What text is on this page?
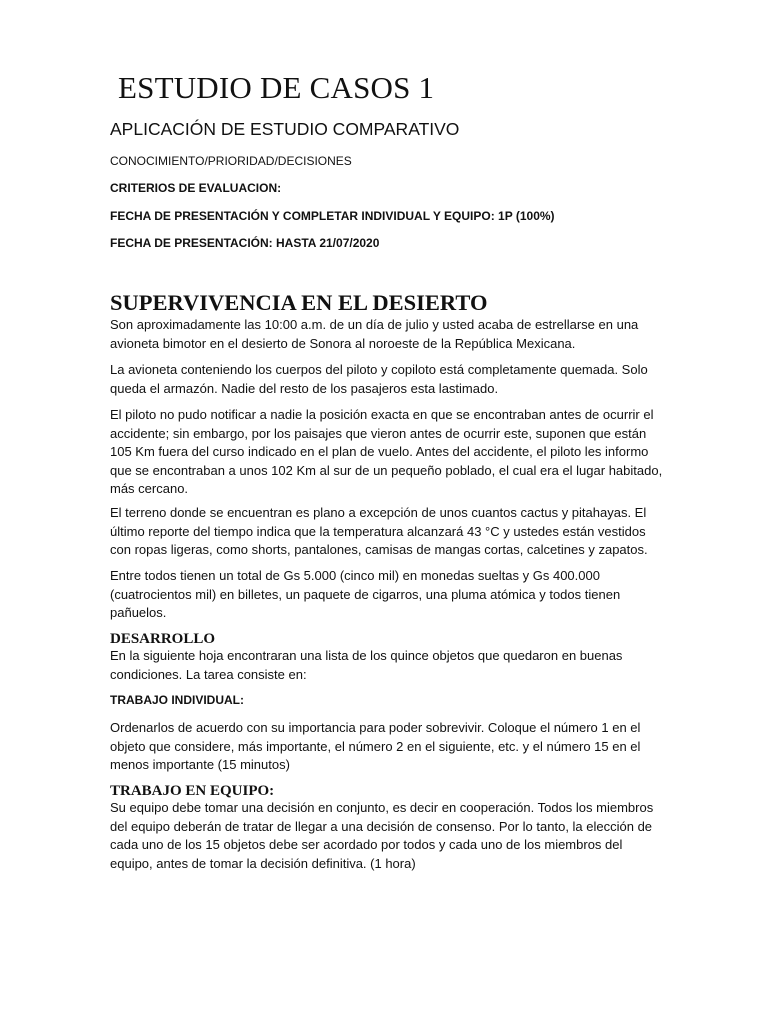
ESTUDIO DE CASOS 1
APLICACIÓN DE ESTUDIO COMPARATIVO

CONOCIMIENTO/PRIORIDAD/DECISIONES

CRITERIOS DE EVALUACION:

FECHA DE PRESENTACIÓN Y COMPLETAR INDIVIDUAL Y EQUIPO: 1P (100%)

FECHA DE PRESENTACIÓN: HASTA 21/07/2020

SUPERVIVENCIA EN EL DESIERTO

Son aproximadamente las 10:00 a.m. de un día de julio y usted acaba de estrellarse en una
avioneta bimotor en el desierto de Sonora al noroeste de la República Mexicana.

La avioneta conteniendo los cuerpos del piloto y copiloto está completamente quemada. Solo
queda el armazón. Nadie del resto de los pasajeros esta lastimado.

El piloto no pudo notificar a nadie la posición exacta en que se encontraban antes de ocurrir el
accidente; sin embargo, por los paisajes que vieron antes de ocurrir este, suponen que están
105 Km fuera del curso indicado en el plan de vuelo. Antes del accidente, el piloto les informo
que se encontraban a unos 102 Km al sur de un pequeño poblado, el cual era el lugar habitado,
más cercano.

El terreno donde se encuentran es plano a excepción de unos cuantos cactus y pitahayas. El
último reporte del tiempo indica que la temperatura alcanzará 43 °C y ustedes están vestidos
con ropas ligeras, como shorts, pantalones, camisas de mangas cortas, calcetines y zapatos.

Entre todos tienen un total de Gs 5.000 (cinco mil) en monedas sueltas y Gs 400.000
(cuatrocientos mil) en billetes, un paquete de cigarros, una pluma atómica y todos tienen
pañuelos.

DESARROLLO

En la siguiente hoja encontraran una lista de los quince objetos que quedaron en buenas
condiciones. La tarea consiste en:

TRABAJO INDIVIDUAL:

Ordenarlos de acuerdo con su importancia para poder sobrevivir. Coloque el número 1 en el
objeto que considere, más importante, el número 2 en el siguiente, etc. y el número 15 en el
menos importante (15 minutos)

TRABAJO EN EQUIPO:

Su equipo debe tomar una decisión en conjunto, es decir en cooperación. Todos los miembros
del equipo deberán de tratar de llegar a una decisión de consenso. Por lo tanto, la elección de
cada uno de los 15 objetos debe ser acordado por todos y cada uno de los miembros del
equipo, antes de tomar la decisión definitiva. (1 hora)
